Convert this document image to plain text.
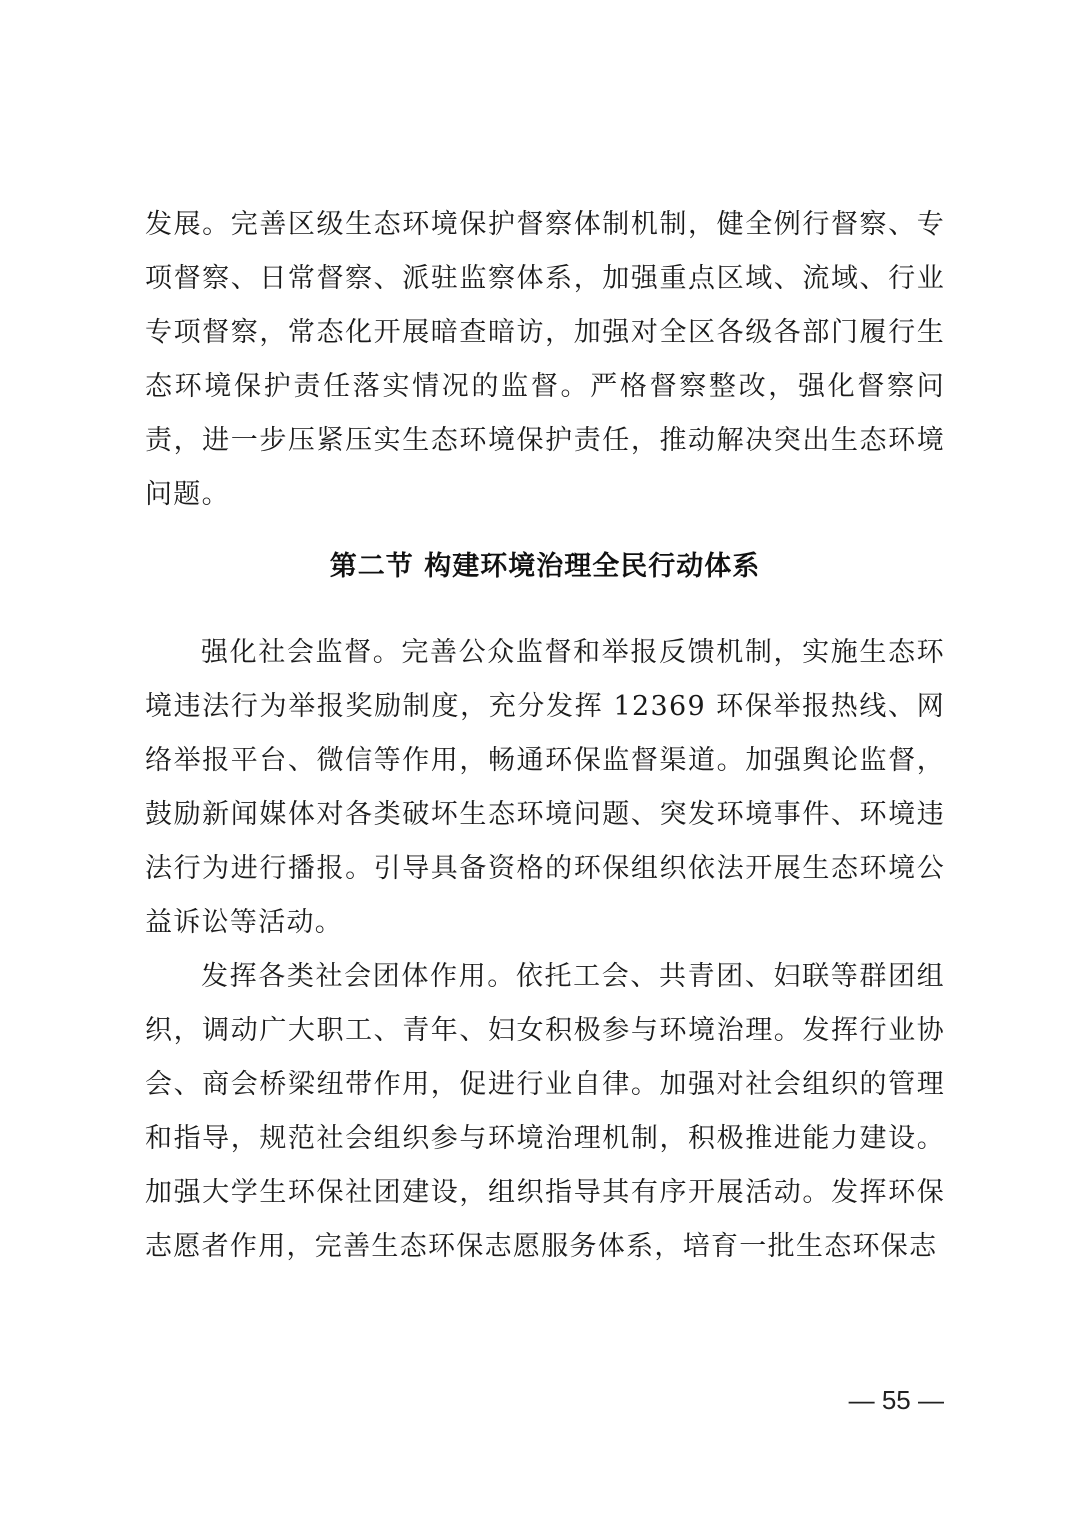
发展。完善区级生态环境保护督察体制机制，健全例行督察、专项督察、日常督察、派驻监察体系，加强重点区域、流域、行业专项督察，常态化开展暗查暗访，加强对全区各级各部门履行生态环境保护责任落实情况的监督。严格督察整改，强化督察问责，进一步压紧压实生态环境保护责任，推动解决突出生态环境问题。

第二节 构建环境治理全民行动体系

强化社会监督。完善公众监督和举报反馈机制，实施生态环境违法行为举报奖励制度，充分发挥 12369 环保举报热线、网络举报平台、微信等作用，畅通环保监督渠道。加强舆论监督，鼓励新闻媒体对各类破坏生态环境问题、突发环境事件、环境违法行为进行播报。引导具备资格的环保组织依法开展生态环境公益诉讼等活动。

发挥各类社会团体作用。依托工会、共青团、妇联等群团组织，调动广大职工、青年、妇女积极参与环境治理。发挥行业协会、商会桥梁纽带作用，促进行业自律。加强对社会组织的管理和指导，规范社会组织参与环境治理机制，积极推进能力建设。加强大学生环保社团建设，组织指导其有序开展活动。发挥环保志愿者作用，完善生态环保志愿服务体系，培育一批生态环保志

— 55 —
